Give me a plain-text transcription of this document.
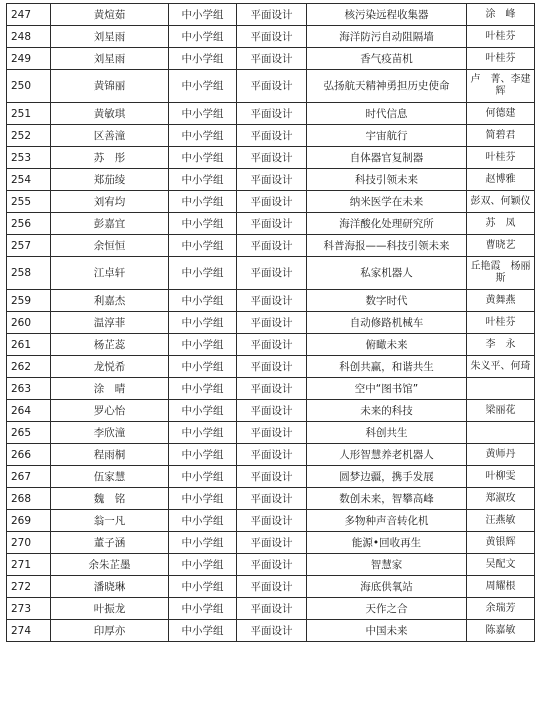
247	黄煊茹	中小学组	平面设计	核污染远程收集器	涂　峰
248	刘星雨	中小学组	平面设计	海洋防污自动阻隔墙	叶桂芬
249	刘星雨	中小学组	平面设计	香气疫苗机	叶桂芬
250	黄锦丽	中小学组	平面设计	弘扬航天精神勇担历史使命	卢　菁、李建辉
251	黄敏琪	中小学组	平面设计	时代信息	何德建
252	区善潼	中小学组	平面设计	宇宙航行	简碧君
253	苏　彤	中小学组	平面设计	自体器官复制器	叶桂芬
254	郑茄绫	中小学组	平面设计	科技引领未来	赵博雅
255	刘宥均	中小学组	平面设计	纳米医学在未来	彭双、何颖仪
256	彭嘉宜	中小学组	平面设计	海洋酸化处理研究所	苏　凤
257	余恒恒	中小学组	平面设计	科普海报——科技引领未来	曹晓艺
258	江卓轩	中小学组	平面设计	私家机器人	丘艳霞　杨丽斯
259	利嘉杰	中小学组	平面设计	数字时代	黄舞燕
260	温淳菲	中小学组	平面设计	自动修路机械车	叶桂芬
261	杨芷蕊	中小学组	平面设计	俯瞰未来	李　永
262	龙悦希	中小学组	平面设计	科创共赢，和谐共生	朱义平、何琦
263	涂　晴	中小学组	平面设计	空中“图书馆”	
264	罗心怡	中小学组	平面设计	未来的科技	梁丽花
265	李欣潼	中小学组	平面设计	科创共生	
266	程雨桐	中小学组	平面设计	人形智慧养老机器人	黄师丹
267	伍家慧	中小学组	平面设计	圆梦边疆，携手发展	叶柳雯
268	魏　铭	中小学组	平面设计	数创未来，智攀高峰	郑淑玫
269	翁一凡	中小学组	平面设计	多物种声音转化机	汪燕敏
270	董子涵	中小学组	平面设计	能源•回收再生	黄银辉
271	余朱芷墨	中小学组	平面设计	智慧家	吴配文
272	潘晓琳	中小学组	平面设计	海底供氧站	周耀根
273	叶振龙	中小学组	平面设计	天作之合	余瑞芳
274	印厚亦	中小学组	平面设计	中国未来	陈嘉敏
